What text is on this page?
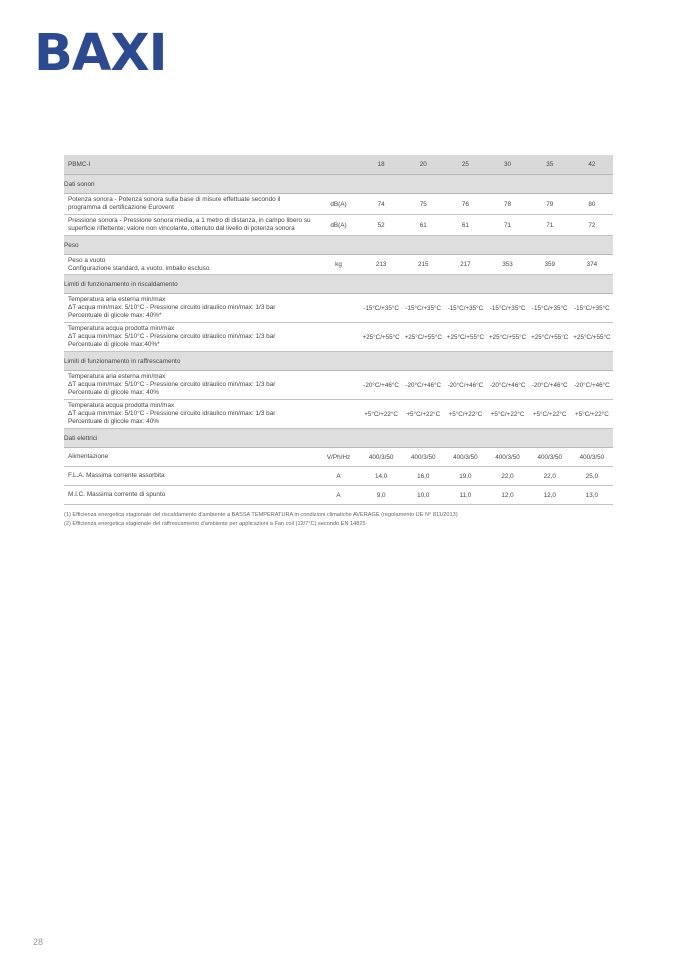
BAXI
PBMC-I		18	20	25	30	35	42
Dati sonori							

Potenza sonora - Potenza sonora sulla base di misure effettuate secondo il
programma di certificazione Eurovent	dB(A)	74	75	76	78	79	80

Pressione sonora - Pressione sonora media, a 1 metro di distanza, in campo libero su
superficie riflettente; valore non vincolante, ottenuto dal livello di potenza sonora	dB(A)	52	61	61	71	71	72
Peso							

Peso a vuoto
Configurazione standard, a vuoto, imballo escluso	kg	213	215	217	353	359	374
Limiti di funzionamento in riscaldamento							

Temperatura aria esterna min/max
ΔT acqua min/max: 5/10°C - Pressione circuito idraulico min/max: 1/3 bar
Percentuale di glicole max: 40%*		-15°C/+35°C	-15°C/+35°C	-15°C/+35°C	-15°C/+35°C	-15°C/+35°C	-15°C/+35°C

Temperatura acqua prodotta min/max
ΔT acqua min/max: 5/10°C - Pressione circuito idraulico min/max: 1/3 bar
Percentuale di glicole max:40%*		+25°C/+55°C	+25°C/+55°C	+25°C/+55°C	+25°C/+55°C	+25°C/+55°C	+25°C/+55°C
Limiti di funzionamento in raffrescamento							

Temperatura aria esterna min/max
ΔT acqua min/max: 5/10°C - Pressione circuito idraulico min/max: 1/3 bar
Percentuale di glicole max: 40%		-20°C/+46°C	-20°C/+46°C	-20°C/+46°C	-20°C/+46°C	-20°C/+46°C	-20°C/+46°C

Temperatura acqua prodotta min/max
ΔT acqua min/max: 5/10°C - Pressione circuito idraulico min/max: 1/3 bar
Percentuale di glicole max: 40%		+5°C/+22°C	+5°C/+22°C	+5°C/+22°C	+5°C/+22°C	+5°C/+22°C	+5°C/+22°C
Dati elettrici							

Alimentazione	V/Ph/Hz	400/3/50	400/3/50	400/3/50	400/3/50	400/3/50	400/3/50

F.L.A. Massima corrente assorbita	A	14,0	16,0	19,0	22,0	22,0	25,0

M.I.C. Massima corrente di spunto	A	9,0	10,0	11,0	12,0	12,0	13,0
(1) Efficienza energetica stagionale del riscaldamento d'ambiente a BASSA TEMPERATURA in condizioni climatiche AVERAGE (regolamento UE N° 811/2013)
(2) Efficienza energetica stagionale del raffrescamento d'ambiente per applicazioni a Fan coil (12/7°C) secondo EN 14825
28
